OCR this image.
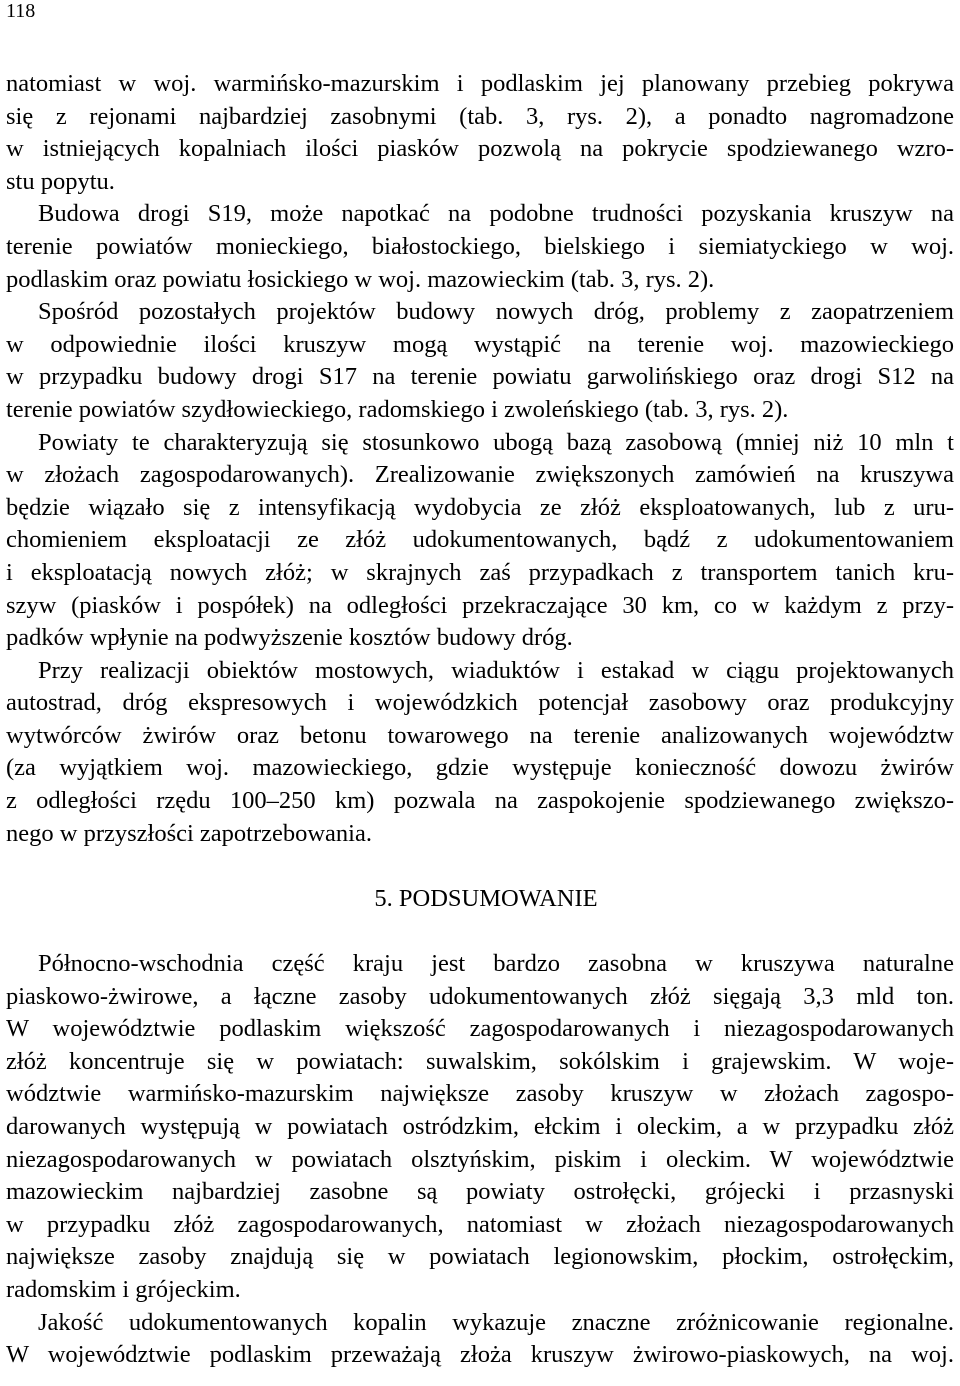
118
natomiast w woj. warmińsko-mazurskim i podlaskim jej planowany przebieg pokrywa
się z rejonami najbardziej zasobnymi (tab. 3, rys. 2), a ponadto nagromadzone
w istniejących kopalniach ilości piasków pozwolą na pokrycie spodziewanego wzro-
stu popytu.
Budowa drogi S19, może napotkać na podobne trudności pozyskania kruszyw na
terenie powiatów monieckiego, białostockiego, bielskiego i siemiatyckiego w woj.
podlaskim oraz powiatu łosickiego w woj. mazowieckim (tab. 3, rys. 2).
Spośród pozostałych projektów budowy nowych dróg, problemy z zaopatrzeniem
w odpowiednie ilości kruszyw mogą wystąpić na terenie woj. mazowieckiego
w przypadku budowy drogi S17 na terenie powiatu garwolińskiego oraz drogi S12 na
terenie powiatów szydłowieckiego, radomskiego i zwoleńskiego (tab. 3, rys. 2).
Powiaty te charakteryzują się stosunkowo ubogą bazą zasobową (mniej niż 10 mln t
w złożach zagospodarowanych). Zrealizowanie zwiększonych zamówień na kruszywa
będzie wiązało się z intensyfikacją wydobycia ze złóż eksploatowanych, lub z uru-
chomieniem eksploatacji ze złóż udokumentowanych, bądź z udokumentowaniem
i eksploatacją nowych złóż; w skrajnych zaś przypadkach z transportem tanich kru-
szyw (piasków i pospółek) na odległości przekraczające 30 km, co w każdym z przy-
padków wpłynie na podwyższenie kosztów budowy dróg.
Przy realizacji obiektów mostowych, wiaduktów i estakad w ciągu projektowanych
autostrad, dróg ekspresowych i wojewódzkich potencjał zasobowy oraz produkcyjny
wytwórców żwirów oraz betonu towarowego na terenie analizowanych województw
(za wyjątkiem woj. mazowieckiego, gdzie występuje konieczność dowozu żwirów
z odległości rzędu 100–250 km) pozwala na zaspokojenie spodziewanego zwiększo-
nego w przyszłości zapotrzebowania.
5. PODSUMOWANIE
Północno-wschodnia część kraju jest bardzo zasobna w kruszywa naturalne
piaskowo-żwirowe, a łączne zasoby udokumentowanych złóż sięgają 3,3 mld ton.
W województwie podlaskim większość zagospodarowanych i niezagospodarowanych
złóż koncentruje się w powiatach: suwalskim, sokólskim i grajewskim. W woje-
wództwie warmińsko-mazurskim największe zasoby kruszyw w złożach zagospo-
darowanych występują w powiatach ostródzkim, ełckim i oleckim, a w przypadku złóż
niezagospodarowanych w powiatach olsztyńskim, piskim i oleckim. W województwie
mazowieckim najbardziej zasobne są powiaty ostrołęcki, grójecki i przasnyski
w przypadku złóż zagospodarowanych, natomiast w złożach niezagospodarowanych
największe zasoby znajdują się w powiatach legionowskim, płockim, ostrołęckim,
radomskim i grójeckim.
Jakość udokumentowanych kopalin wykazuje znaczne zróżnicowanie regionalne.
W województwie podlaskim przeważają złoża kruszyw żwirowo-piaskowych, na woj.
